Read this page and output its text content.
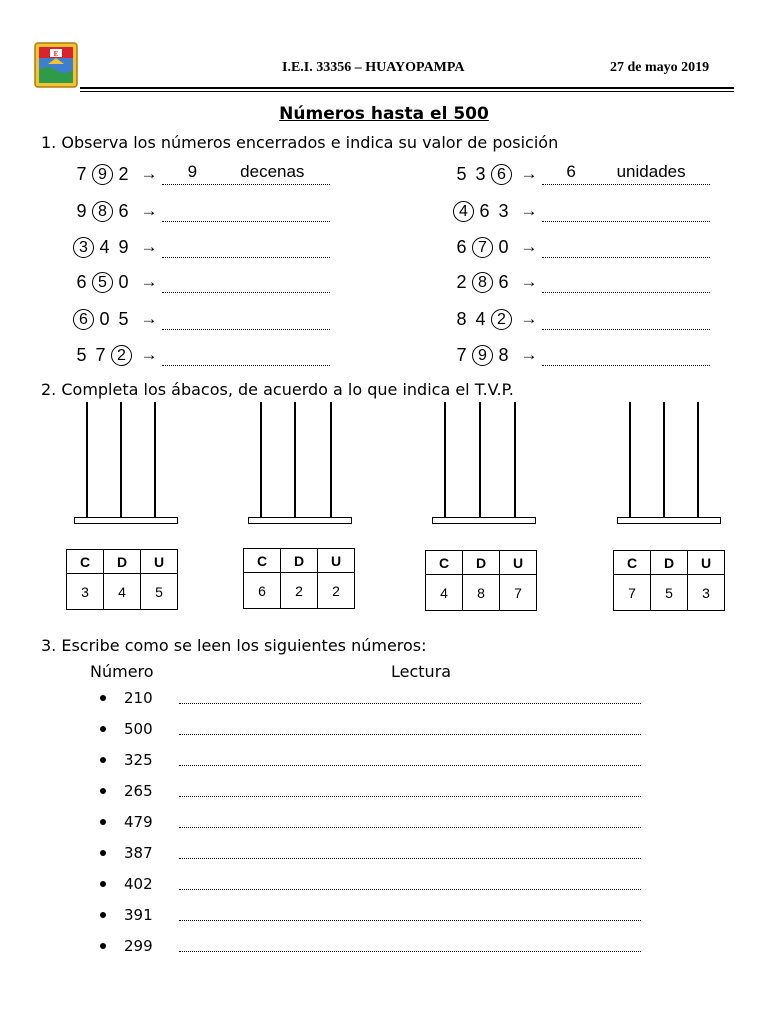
E
I.E.I. 33356 – HUAYOPAMPA	27 de mayo 2019
Números hasta el 500
1. Observa los números encerrados e indica su valor de posición
7 9 2 → 9	decenas
9 8 6 →
3 4 9 →
6 5 0 →
6 0 5 →
5 7 2 →
5 3 6 → 6 unidades
4 6 3 →
6 7 0 →
2 8 6 →
8 4 2 →
7 9 8 →
2. Completa los ábacos, de acuerdo a lo que indica el T.V.P.
C	D	U
3	4	5
C	D	U
6	2	2
C	D	U
4	8	7
C	D	U
7	5	3
3. Escribe como se leen los siguientes números:
Número	Lectura
210
500
325
265
479
387
402
391
299
